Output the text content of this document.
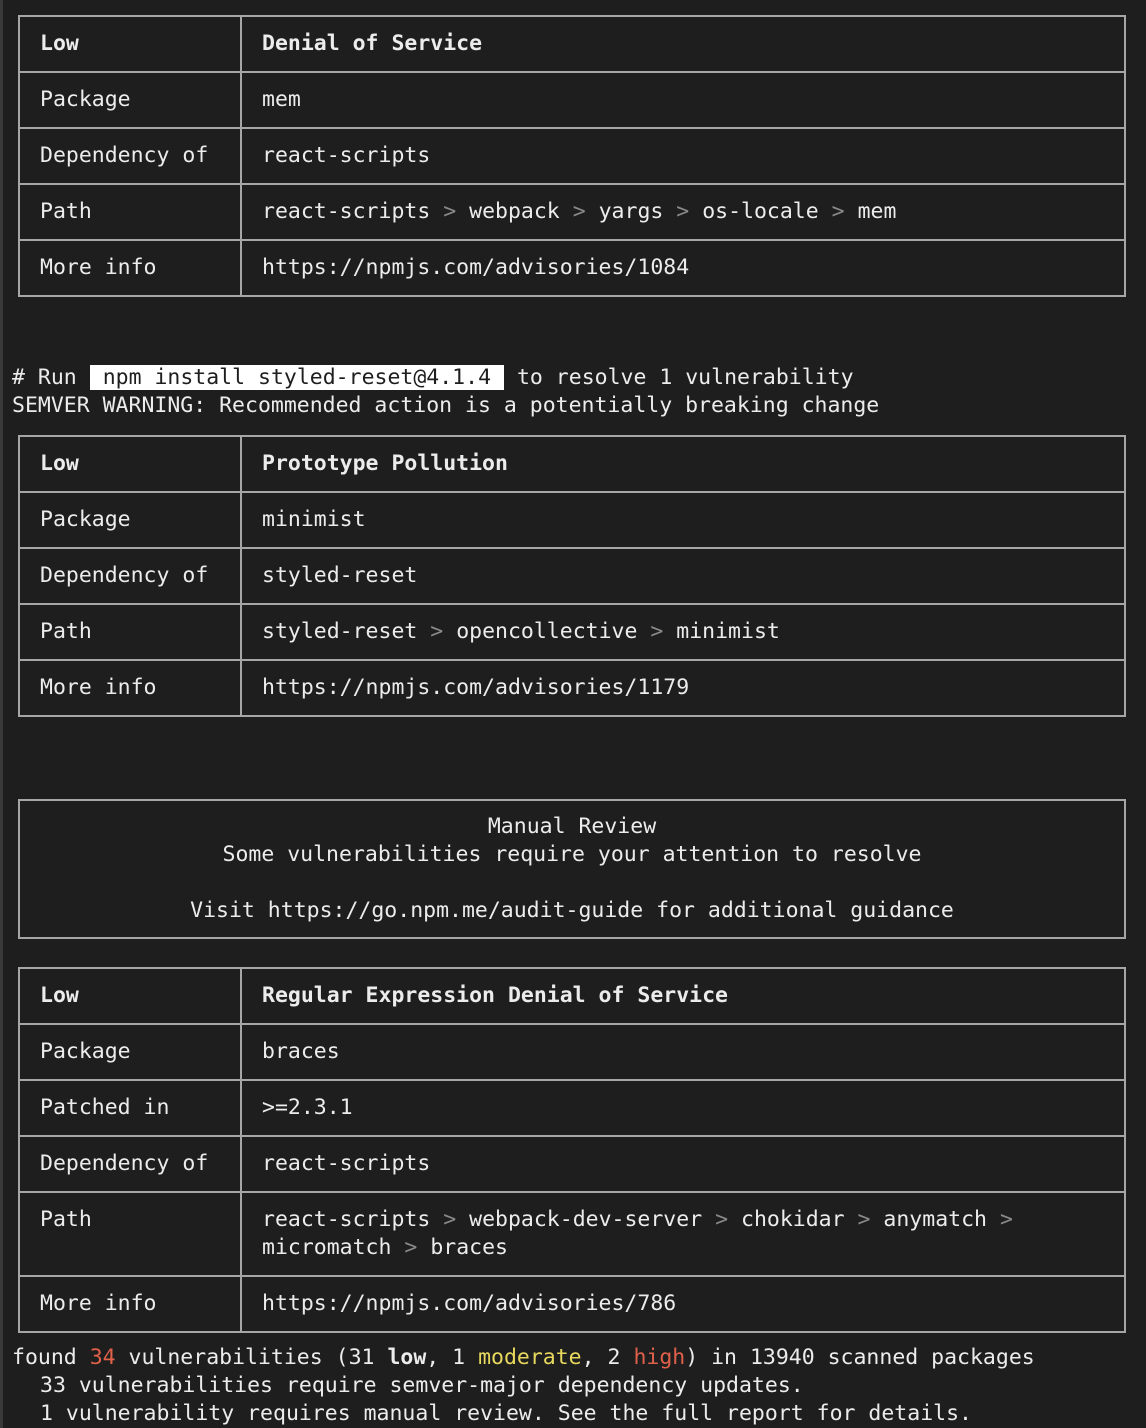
Low	Denial of Service
Package	mem
Dependency of	react-scripts
Path	react-scripts > webpack > yargs > os-locale > mem
More info	https://npmjs.com/advisories/1084
# Run npm install styled-reset@4.1.4 to resolve 1 vulnerability
SEMVER WARNING: Recommended action is a potentially breaking change
Low	Prototype Pollution
Package	minimist
Dependency of	styled-reset
Path	styled-reset > opencollective > minimist
More info	https://npmjs.com/advisories/1179
Manual Review
Some vulnerabilities require your attention to resolve
Visit https://go.npm.me/audit-guide for additional guidance
Low	Regular Expression Denial of Service
Package	braces
Patched in	>=2.3.1
Dependency of	react-scripts
Path	react-scripts > webpack-dev-server > chokidar > anymatch >
micromatch > braces
More info	https://npmjs.com/advisories/786
found 34 vulnerabilities (31 low, 1 moderate, 2 high) in 13940 scanned packages
33 vulnerabilities require semver-major dependency updates.
1 vulnerability requires manual review. See the full report for details.
